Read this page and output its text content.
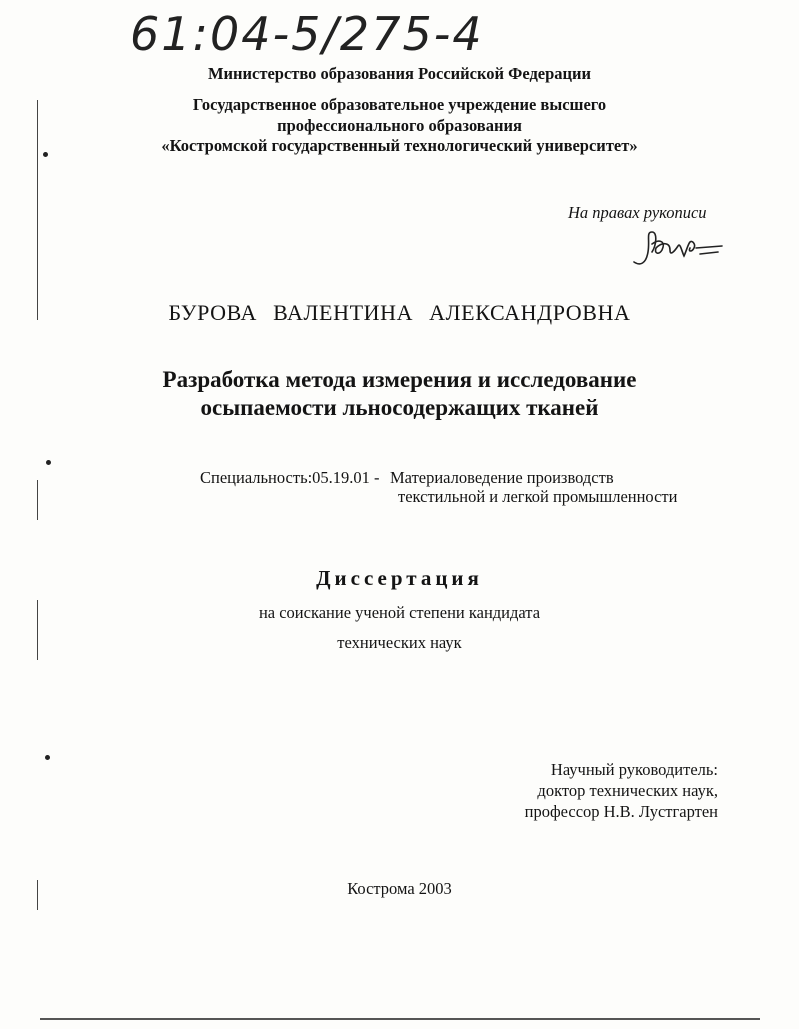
61:04-5/275-4
Министерство образования Российской Федерации
Государственное образовательное учреждение высшего
профессионального образования
«Костромской государственный технологический университет»
На правах рукописи
БУРОВА ВАЛЕНТИНА АЛЕКСАНДРОВНА
Разработка метода измерения и исследование
осыпаемости льносодержащих тканей
Специальность:05.19.01 - Материаловедение производств
текстильной и легкой промышленности
Диссертация
на соискание ученой степени кандидата
технических наук
Научный руководитель:
доктор технических наук,
профессор Н.В. Лустгартен
Кострома 2003
